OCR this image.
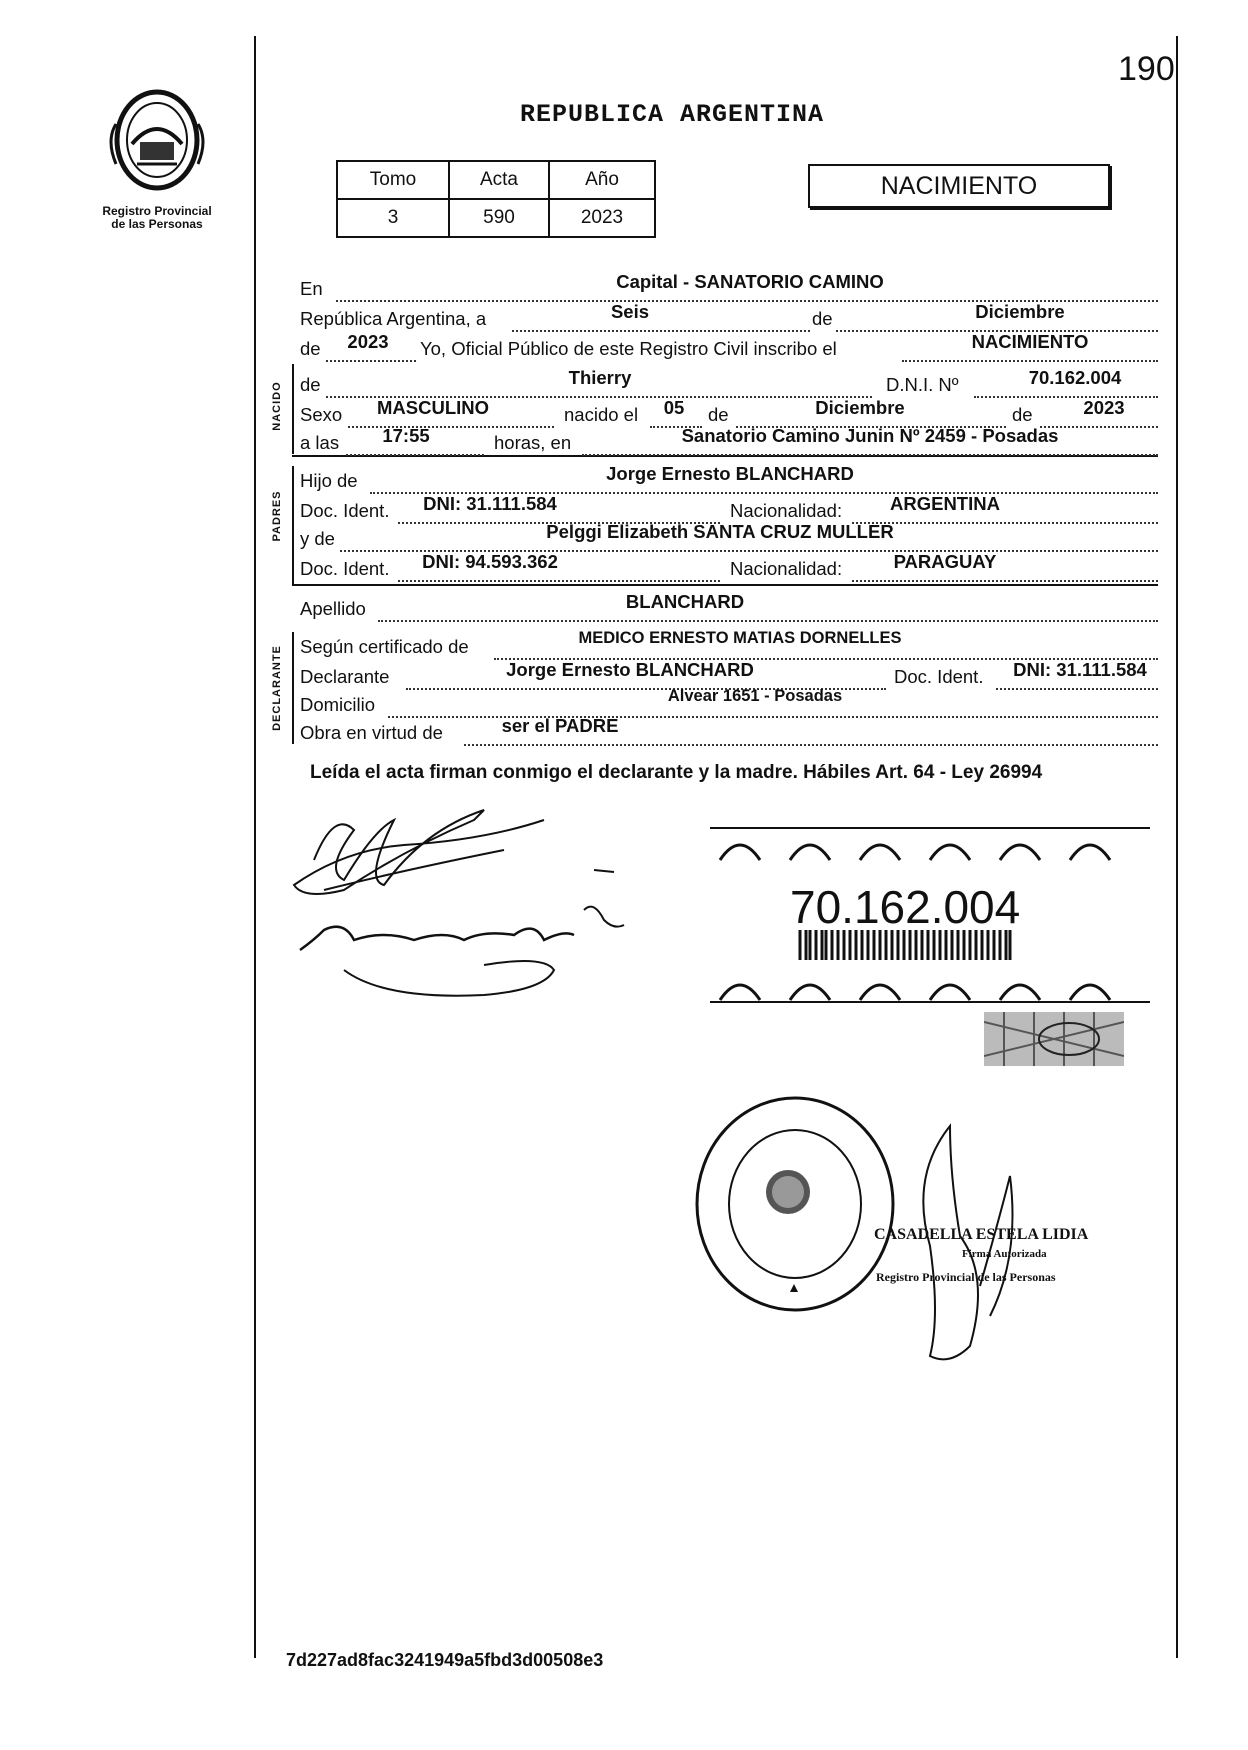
Registro Provincial
de las Personas
190
REPUBLICA ARGENTINA
Tomo	Acta	Año
3	590	2023
NACIMIENTO
NACIDO
PADRES
DECLARANTE
En	Capital - SANATORIO CAMINO
República Argentina, a	Seis	de	Diciembre
de	2023	Yo, Oficial Público de este Registro Civil inscribo el	NACIMIENTO
de	Thierry	D.N.I. Nº	70.162.004
Sexo	MASCULINO	nacido el	05	de	Diciembre	de	2023
a las	17:55	horas, en	Sanatorio Camino Junin Nº 2459 - Posadas
Hijo de	Jorge Ernesto BLANCHARD
Doc. Ident.	DNI: 31.111.584	Nacionalidad:	ARGENTINA
y de	Pelggi Elizabeth SANTA CRUZ MULLER
Doc. Ident.	DNI: 94.593.362	Nacionalidad:	PARAGUAY
Apellido	BLANCHARD
Según certificado de	MEDICO ERNESTO MATIAS DORNELLES
Declarante	Jorge Ernesto BLANCHARD	Doc. Ident.	DNI: 31.111.584
Domicilio	Alvear 1651 - Posadas
Obra en virtud de	ser el PADRE
Leída el acta firman conmigo el declarante y la madre. Hábiles Art. 64 - Ley 26994
70.162.004
CASADELLA ESTELA LIDIA
Firma Autorizada
Registro Provincial de las Personas
7d227ad8fac3241949a5fbd3d00508e3
